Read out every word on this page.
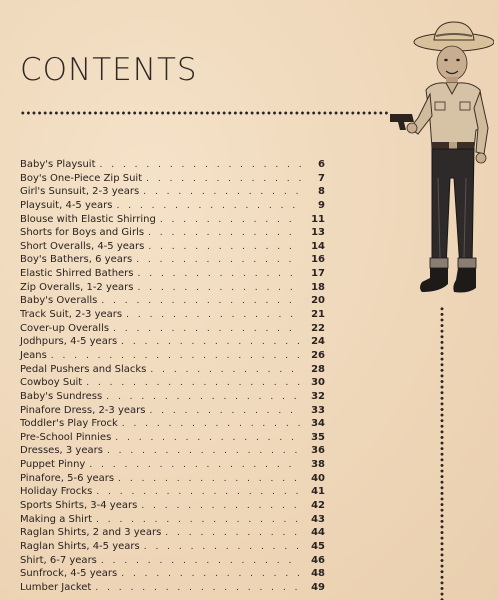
CONTENTS
Baby's Playsuit . . .	6
Boy's One-Piece Zip Suit . . .	7
Girl's Sunsuit, 2-3 years . . .	8
Playsuit, 4-5 years . . .	9
Blouse with Elastic Shirring . . .	11
Shorts for Boys and Girls . . .	13
Short Overalls, 4-5 years . . .	14
Boy's Bathers, 6 years . . .	16
Elastic Shirred Bathers . . .	17
Zip Overalls, 1-2 years . . .	18
Baby's Overalls . . .	20
Track Suit, 2-3 years . . .	21
Cover-up Overalls . . .	22
Jodhpurs, 4-5 years . . .	24
Jeans . . .	26
Pedal Pushers and Slacks . . .	28
Cowboy Suit . . .	30
Baby's Sundress . . .	32
Pinafore Dress, 2-3 years . . .	33
Toddler's Play Frock . . .	34
Pre-School Pinnies . . .	35
Dresses, 3 years . . .	36
Puppet Pinny . . .	38
Pinafore, 5-6 years . . .	40
Holiday Frocks . . .	41
Sports Shirts, 3-4 years . . .	42
Making a Shirt . . .	43
Raglan Shirts, 2 and 3 years . . .	44
Raglan Shirts, 4-5 years . . .	45
Shirt, 6-7 years . . .	46
Sunfrock, 4-5 years . . .	48
Lumber Jacket . . .	49
